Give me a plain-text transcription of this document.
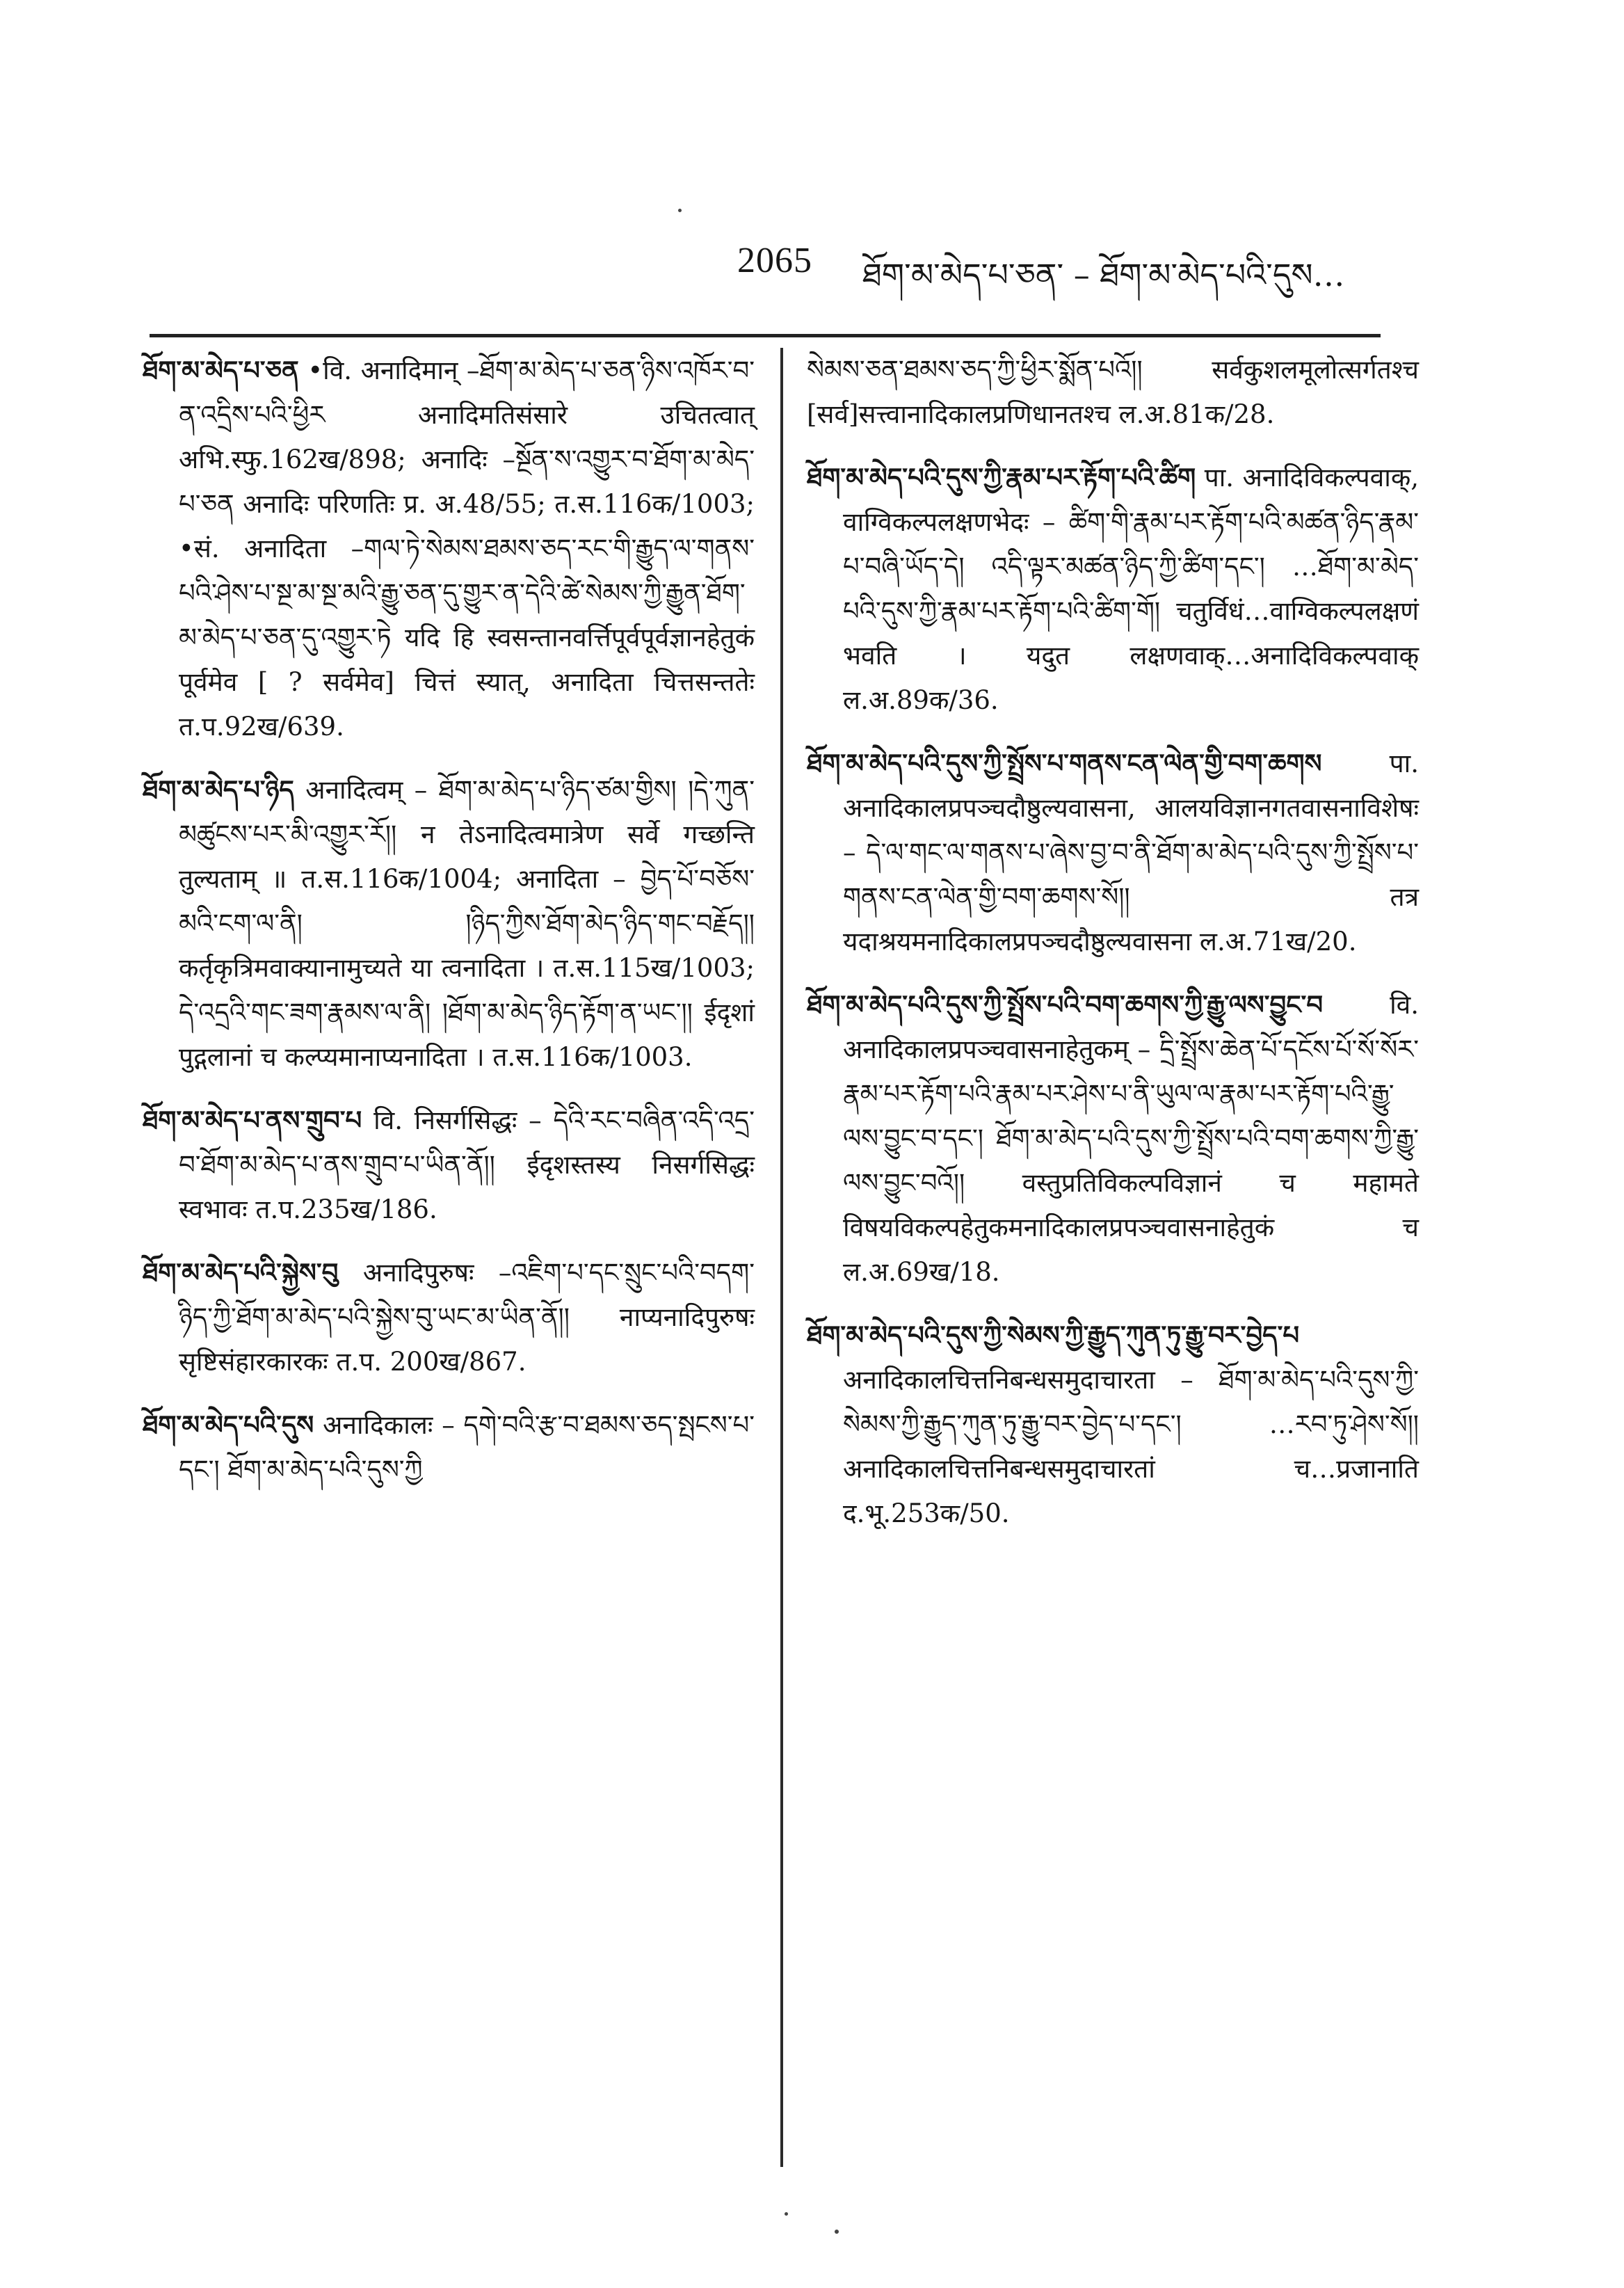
2065 ཐོག་མ་མེད་པ་ཅན་ – ཐོག་མ་མེད་པའི་དུས…

ཐོག་མ་མེད་པ་ཅན •वि. अनादिमान् –ཐོག་མ་མེད་པ་ཅན་ཉིས་འཁོར་བ་ན་འདྲིས་པའི་ཕྱིར अनादिमतिसंसारे उचितत्वात् अभि.स्फु.162ख/898; अनादिः –སྔོན་ས་འགྱུར་བ་ཐོག་མ་མེད་པ་ཅན अनादिः परिणतिः प्र. अ.48/55; त.स.116क/1003; •सं. अनादिता –གལ་ཏེ་སེམས་ཐམས་ཅད་རང་གི་རྒྱུད་ལ་གནས་པའི་ཤེས་པ་སྔ་མ་སྔ་མའི་རྒྱུ་ཅན་དུ་གྱུར་ན་དེའི་ཚེ་སེམས་ཀྱི་རྒྱུན་ཐོག་མ་མེད་པ་ཅན་དུ་འགྱུར་ཏེ यदि हि स्वसन्तानवर्त्तिपूर्वपूर्वज्ञानहेतुकं पूर्वमेव [ ? सर्वमेव] चित्तं स्यात्, अनादिता चित्तसन्ततेः त.प.92ख/639.

ཐོག་མ་མེད་པ་ཉིད अनादित्वम् – ཐོག་མ་མེད་པ་ཉིད་ཙམ་གྱིས། །དེ་ཀུན་མཚུངས་པར་མི་འགྱུར་རོ།། न तेऽनादित्वमात्रेण सर्वे गच्छन्ति तुल्यताम् ॥ त.स.116क/1004; अनादिता – བྱེད་པོ་བཅོས་མའི་ངག་ལ་ནི། །ཉིད་ཀྱིས་ཐོག་མེད་ཉིད་གང་བརྗོད།། कर्तृकृत्रिमवाक्यानामुच्यते या त्वनादिता । त.स.115ख/1003; དེ་འདྲའི་གང་ཟག་རྣམས་ལ་ནི། །ཐོག་མ་མེད་ཉིད་རྟོག་ན་ཡང་།། ईदृशां पुद्गलानां च कल्प्यमानाप्यनादिता । त.स.116क/1003.

ཐོག་མ་མེད་པ་ནས་གྲུབ་པ वि. निसर्गसिद्धः – དེའི་རང་བཞིན་འདི་འདྲ་བ་ཐོག་མ་མེད་པ་ནས་གྲུབ་པ་ཡིན་ནོ།། ईदृशस्तस्य निसर्गसिद्धः स्वभावः त.प.235ख/186.

ཐོག་མ་མེད་པའི་སྐྱེས་བུ अनादिपुरुषः –འཇིག་པ་དང་སྲུང་པའི་བདག་ཉིད་ཀྱི་ཐོག་མ་མེད་པའི་སྐྱེས་བུ་ཡང་མ་ཡིན་ནོ།། नाप्यनादिपुरुषः सृष्टिसंहारकारकः त.प. 200ख/867.

ཐོག་མ་མེད་པའི་དུས अनादिकालः – དགེ་བའི་རྩ་བ་ཐམས་ཅད་སྤངས་པ་དང་། ཐོག་མ་མེད་པའི་དུས་ཀྱི

སེམས་ཅན་ཐམས་ཅད་ཀྱི་ཕྱིར་སྨོན་པའོ།། सर्वकुशलमूलोत्सर्गतश्च [सर्व]सत्त्वानादिकालप्रणिधानतश्च ल.अ.81क/28.

ཐོག་མ་མེད་པའི་དུས་ཀྱི་རྣམ་པར་རྟོག་པའི་ཚིག पा. अनादिविकल्पवाक्, वाग्विकल्पलक्षणभेदः – ཚིག་གི་རྣམ་པར་རྟོག་པའི་མཚན་ཉིད་རྣམ་པ་བཞི་ཡོད་དེ། འདི་ལྟར་མཚན་ཉིད་ཀྱི་ཚིག་དང་། …ཐོག་མ་མེད་པའི་དུས་ཀྱི་རྣམ་པར་རྟོག་པའི་ཚིག་གོ། चतुर्विधं…वाग्विकल्पलक्षणं भवति । यदुत लक्षणवाक्…अनादिविकल्पवाक् ल.अ.89क/36.

ཐོག་མ་མེད་པའི་དུས་ཀྱི་སྤྲོས་པ་གནས་ངན་ལེན་གྱི་བག་ཆགས	पा. अनादिकालप्रपञ्चदौष्ठुल्यवासना, आलयविज्ञानगतवासनाविशेषः – དེ་ལ་གང་ལ་གནས་པ་ཞེས་བྱ་བ་ནི་ཐོག་མ་མེད་པའི་དུས་ཀྱི་སྤྲོས་པ་གནས་ངན་ལེན་གྱི་བག་ཆགས་སོ།། तत्र यदाश्रयमनादिकालप्रपञ्चदौष्ठुल्यवासना ल.अ.71ख/20.

ཐོག་མ་མེད་པའི་དུས་ཀྱི་སྤྲོས་པའི་བག་ཆགས་ཀྱི་རྒྱུ་ལས་བྱུང་བ	वि. अनादिकालप्रपञ्चवासनाहेतुकम् – དྲི་སྤྲོས་ཆེན་པོ་དངོས་པོ་སོ་སོར་རྣམ་པར་རྟོག་པའི་རྣམ་པར་ཤེས་པ་ནི་ཡུལ་ལ་རྣམ་པར་རྟོག་པའི་རྒྱུ་ལས་བྱུང་བ་དང་། ཐོག་མ་མེད་པའི་དུས་ཀྱི་སྤྲོས་པའི་བག་ཆགས་ཀྱི་རྒྱུ་ལས་བྱུང་བའོ།། वस्तुप्रतिविकल्पविज्ञानं च महामते विषयविकल्पहेतुकमनादिकालप्रपञ्चवासनाहेतुकं च ल.अ.69ख/18.

ཐོག་མ་མེད་པའི་དུས་ཀྱི་སེམས་ཀྱི་རྒྱུད་ཀུན་ཏུ་རྒྱུ་བར་བྱེད་པ अनादिकालचित्तनिबन्धसमुदाचारता – ཐོག་མ་མེད་པའི་དུས་ཀྱི་སེམས་ཀྱི་རྒྱུད་ཀུན་ཏུ་རྒྱུ་བར་བྱེད་པ་དང་། …རབ་ཏུ་ཤེས་སོ།། अनादिकालचित्तनिबन्धसमुदाचारतां च…प्रजानाति द.भू.253क/50.
